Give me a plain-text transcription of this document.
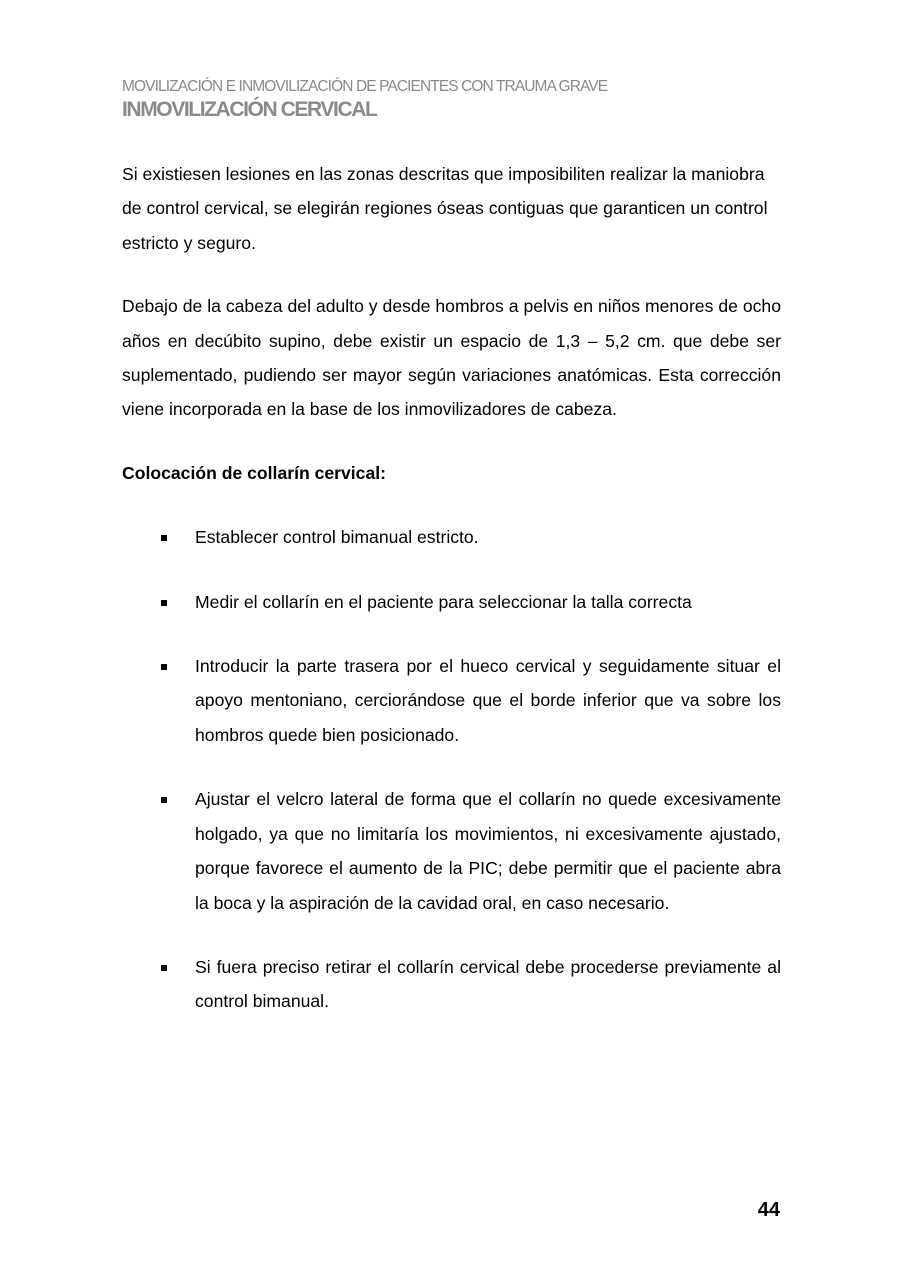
MOVILIZACIÓN E INMOVILIZACIÓN DE PACIENTES CON TRAUMA GRAVE
INMOVILIZACIÓN CERVICAL

Si existiesen lesiones en las zonas descritas que imposibiliten realizar la maniobra de control cervical, se elegirán regiones óseas contiguas que garanticen un control estricto y seguro.

Debajo de la cabeza del adulto y desde hombros a pelvis en niños menores de ocho años en decúbito supino, debe existir un espacio de 1,3 – 5,2 cm. que debe ser suplementado, pudiendo ser mayor según variaciones anatómicas. Esta corrección viene incorporada en la base de los inmovilizadores de cabeza.

Colocación de collarín cervical:

Establecer control bimanual estricto.
Medir el collarín en el paciente para seleccionar la talla correcta
Introducir la parte trasera por el hueco cervical y seguidamente situar el apoyo mentoniano, cerciorándose que el borde inferior que va sobre los hombros quede bien posicionado.
Ajustar el velcro lateral de forma que el collarín no quede excesivamente holgado, ya que no limitaría los movimientos, ni excesivamente ajustado, porque favorece el aumento de la PIC; debe permitir que el paciente abra la boca y la aspiración de la cavidad oral, en caso necesario.
Si fuera preciso retirar el collarín cervical debe procederse previamente al control bimanual.
44
